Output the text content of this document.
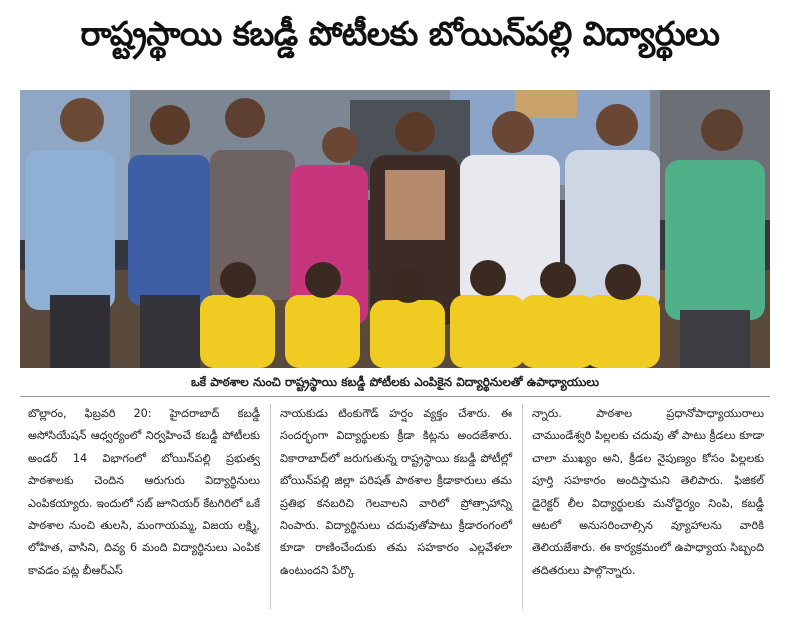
రాష్ట్రస్థాయి కబడ్డీ పోటీలకు బోయిన్‌పల్లి విద్యార్థులు
ఒకే పాఠశాల నుంచి రాష్ట్రస్థాయి కబడ్డీ పోటీలకు ఎంపికైన విద్యార్థినులతో ఉపాధ్యాయులు
బొల్లారం, ఫిబ్రవరి 20: హైదరాబాద్ కబడ్డీ అసోసియేషన్ ఆధ్వర్యంలో నిర్వహించే కబడ్డీ పోటీలకు అండర్ 14 విభాగంలో బోయిన్‌పల్లి ప్రభుత్వ పాఠశాలకు చెందిన ఆరుగురు విద్యార్థినులు ఎంపికయ్యారు. ఇందులో సబ్ జూనియర్ కేటగిరిలో ఒకే పాఠశాల నుంచి తులసి, మంగాయమ్మ, విజయ లక్ష్మి, లోహిత, వాసిని, దివ్య 6 మంది విద్యార్థినులు ఎంపిక కావడం పట్ల బీఆర్ఎస్
నాయకుడు టింకుగౌడ్ హర్షం వ్యక్తం చేశారు. ఈ సందర్భంగా విద్యార్థులకు క్రీడా కిట్లను అందజేశారు. వికారాబాద్‌లో జరుగుతున్న రాష్ట్రస్థాయి కబడ్డీ పోటీల్లో బోయిన్‌పల్లి జిల్లా పరిషత్ పాఠశాల క్రీడాకారులు తమ ప్రతిభ కనబరిచి గెలవాలని వారిలో ప్రోత్సాహాన్ని నింపారు. విద్యార్థినులు చదువుతోపాటు క్రీడారంగంలో కూడా రాణించేందుకు తమ సహకారం ఎల్లవేళలా ఉంటుందని పేర్కొ
న్నారు. పాఠశాల ప్రధానోపాధ్యాయురాలు చాముండేశ్వరి పిల్లలకు చదువు తో పాటు క్రీడలు కూడా చాలా ముఖ్యం అని, క్రీడల నైపుణ్యం కోసం పిల్లలకు పూర్తి సహకారం అందిస్తామని తెలిపారు. ఫిజికల్ డైరెక్టర్ లీల విద్యార్థులకు మనోధైర్యం నింపి, కబడ్డీ ఆటలో అనుసరించాల్సిన వ్యూహాలను వారికి తెలియజేశారు. ఈ కార్యక్రమంలో ఉపాధ్యాయ సిబ్బంది తదితరులు పాల్గొన్నారు.
